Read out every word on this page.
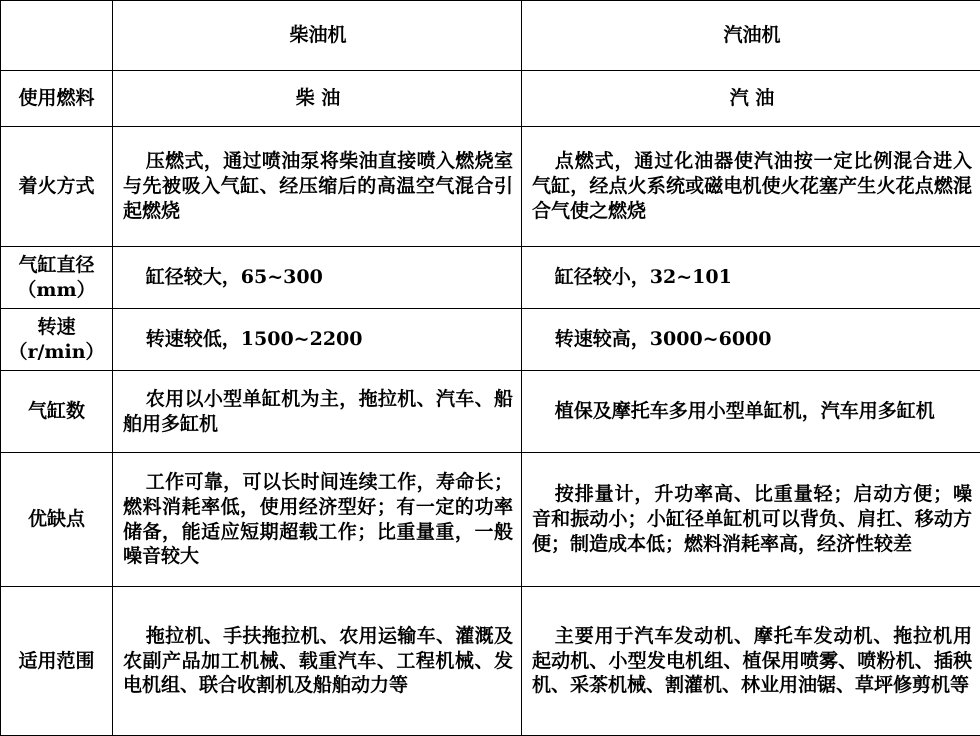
	柴油机	汽油机
使用燃料	柴 油	汽 油
着火方式	压燃式，通过喷油泵将柴油直接喷入燃烧室与先被吸入气缸、经压缩后的高温空气混合引起燃烧	点燃式，通过化油器使汽油按一定比例混合进入气缸，经点火系统或磁电机使火花塞产生火花点燃混合气使之燃烧
气缸直径（mm）	缸径较大，65~300	缸径较小，32~101
转速（r/min）	转速较低，1500~2200	转速较高，3000~6000
气缸数	农用以小型单缸机为主，拖拉机、汽车、船舶用多缸机	植保及摩托车多用小型单缸机，汽车用多缸机
优缺点	工作可靠，可以长时间连续工作，寿命长；燃料消耗率低，使用经济型好；有一定的功率储备，能适应短期超载工作；比重量重，一般噪音较大	按排量计，升功率高、比重量轻；启动方便；噪音和振动小；小缸径单缸机可以背负、肩扛、移动方便；制造成本低；燃料消耗率高，经济性较差
适用范围	拖拉机、手扶拖拉机、农用运输车、灌溉及农副产品加工机械、载重汽车、工程机械、发电机组、联合收割机及船舶动力等	主要用于汽车发动机、摩托车发动机、拖拉机用起动机、小型发电机组、植保用喷雾、喷粉机、插秧机、采茶机械、割灌机、林业用油锯、草坪修剪机等
